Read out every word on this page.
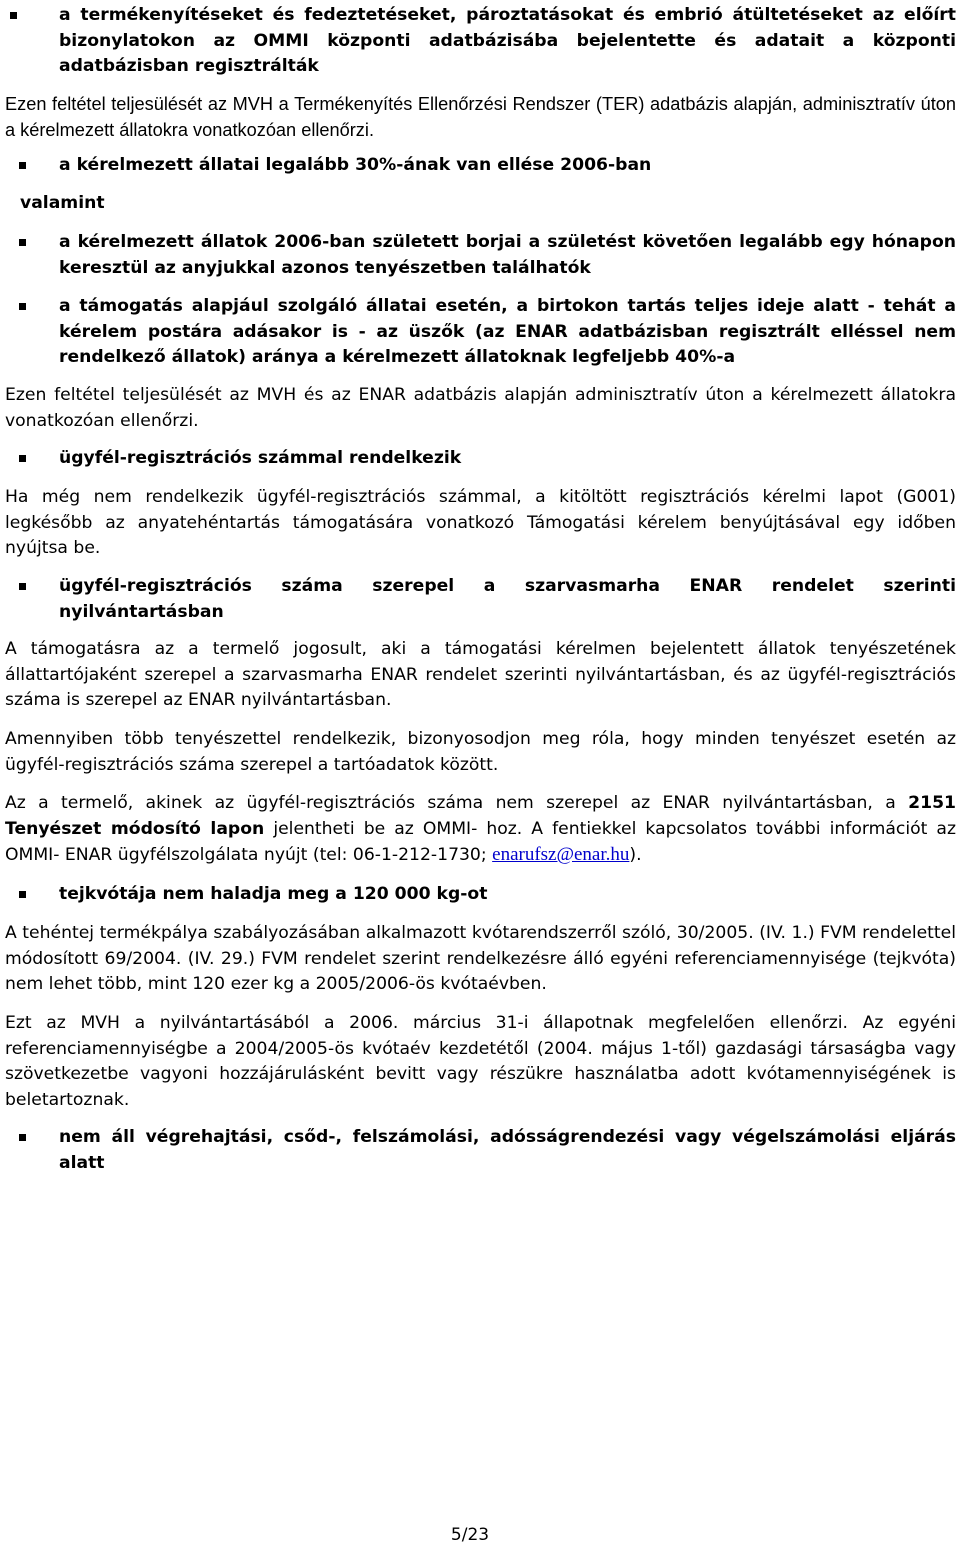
a termékenyítéseket és fedeztetéseket, pároztatásokat és embrió átültetéseket az előírt bizonylatokon az OMMI központi adatbázisába bejelentette és adatait a központi adatbázisban regisztrálták

Ezen feltétel teljesülését az MVH a Termékenyítés Ellenőrzési Rendszer (TER) adatbázis alapján, adminisztratív úton a kérelmezett állatokra vonatkozóan ellenőrzi.

a kérelmezett állatai legalább 30%-ának van ellése 2006-ban

valamint

a kérelmezett állatok 2006-ban született borjai a születést követően legalább egy hónapon keresztül az anyjukkal azonos tenyészetben találhatók
a támogatás alapjául szolgáló állatai esetén, a birtokon tartás teljes ideje alatt - tehát a kérelem postára adásakor is - az üszők (az ENAR adatbázisban regisztrált elléssel nem rendelkező állatok) aránya a kérelmezett állatoknak legfeljebb 40%-a

Ezen feltétel teljesülését az MVH és az ENAR adatbázis alapján adminisztratív úton a kérelmezett állatokra vonatkozóan ellenőrzi.

ügyfél-regisztrációs számmal rendelkezik

Ha még nem rendelkezik ügyfél-regisztrációs számmal, a kitöltött regisztrációs kérelmi lapot (G001) legkésőbb az anyatehéntartás támogatására vonatkozó Támogatási kérelem benyújtásával egy időben nyújtsa be.

ügyfél-regisztrációs száma szerepel a szarvasmarha ENAR rendelet szerinti nyilvántartásban

A támogatásra az a termelő jogosult, aki a támogatási kérelmen bejelentett állatok tenyészetének állattartójaként szerepel a szarvasmarha ENAR rendelet szerinti nyilvántartásban, és az ügyfél-regisztrációs száma is szerepel az ENAR nyilvántartásban.

Amennyiben több tenyészettel rendelkezik, bizonyosodjon meg róla, hogy minden tenyészet esetén az ügyfél-regisztrációs száma szerepel a tartóadatok között.

Az a termelő, akinek az ügyfél-regisztrációs száma nem szerepel az ENAR nyilvántartásban, a 2151 Tenyészet módosító lapon jelentheti be az OMMI- hoz. A fentiekkel kapcsolatos további információt az OMMI- ENAR ügyfélszolgálata nyújt (tel: 06-1-212-1730; enarufsz@enar.hu).

tejkvótája nem haladja meg a 120 000 kg-ot

A tehéntej termékpálya szabályozásában alkalmazott kvótarendszerről szóló, 30/2005. (IV. 1.) FVM rendelettel módosított 69/2004. (IV. 29.) FVM rendelet szerint rendelkezésre álló egyéni referenciamennyisége (tejkvóta) nem lehet több, mint 120 ezer kg a 2005/2006-ös kvótaévben.

Ezt az MVH a nyilvántartásából a 2006. március 31-i állapotnak megfelelően ellenőrzi. Az egyéni referenciamennyiségbe a 2004/2005-ös kvótaév kezdetétől (2004. május 1-től) gazdasági társaságba vagy szövetkezetbe vagyoni hozzájárulásként bevitt vagy részükre használatba adott kvótamennyiségének is beletartoznak.

nem áll végrehajtási, csőd-, felszámolási, adósságrendezési vagy végelszámolási eljárás alatt
5/23
